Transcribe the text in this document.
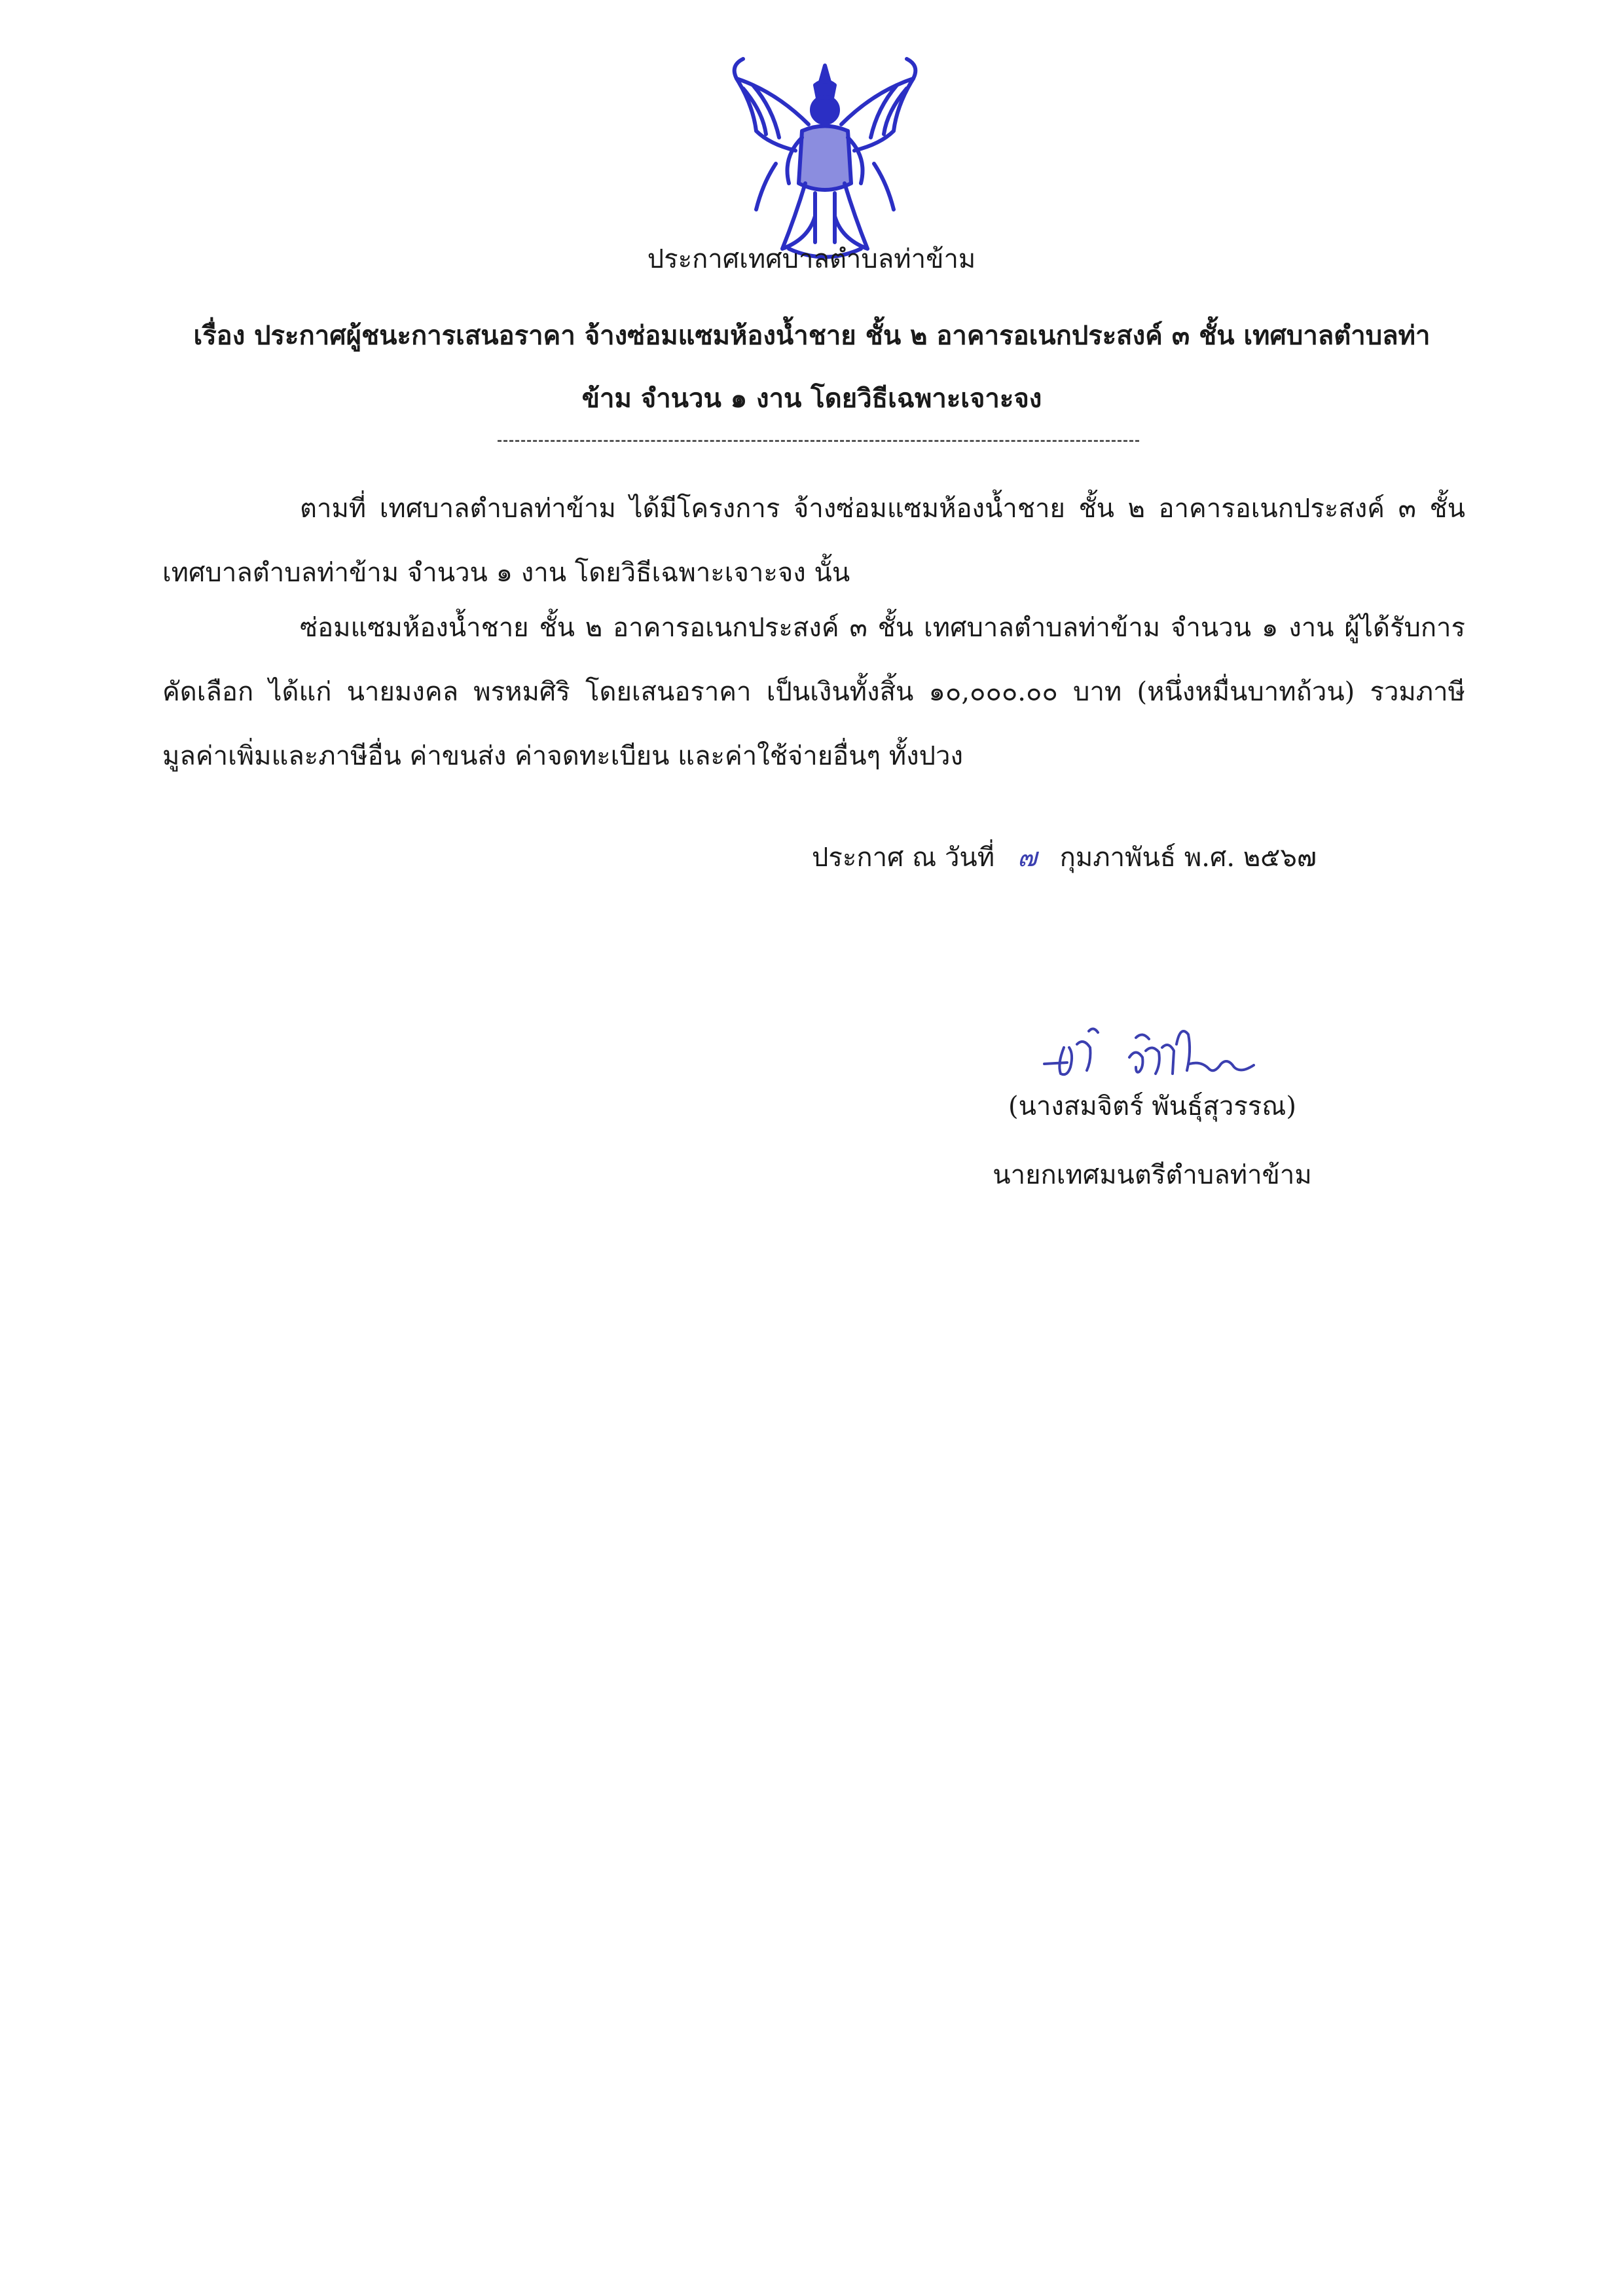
ประกาศเทศบาลตำบลท่าข้าม
เรื่อง ประกาศผู้ชนะการเสนอราคา จ้างซ่อมแซมห้องน้ำชาย ชั้น ๒ อาคารอเนกประสงค์ ๓ ชั้น เทศบาลตำบลท่า
ข้าม จำนวน ๑ งาน โดยวิธีเฉพาะเจาะจง
ตามที่ เทศบาลตำบลท่าข้าม ได้มีโครงการ จ้างซ่อมแซมห้องน้ำชาย ชั้น ๒ อาคารอเนกประสงค์ ๓ ชั้น เทศบาลตำบลท่าข้าม จำนวน ๑ งาน โดยวิธีเฉพาะเจาะจง นั้น
ซ่อมแซมห้องน้ำชาย ชั้น ๒ อาคารอเนกประสงค์ ๓ ชั้น เทศบาลตำบลท่าข้าม จำนวน ๑ งาน ผู้ได้รับการคัดเลือก ได้แก่ นายมงคล พรหมศิริ โดยเสนอราคา เป็นเงินทั้งสิ้น ๑๐,๐๐๐.๐๐ บาท (หนึ่งหมื่นบาทถ้วน) รวมภาษีมูลค่าเพิ่มและภาษีอื่น ค่าขนส่ง ค่าจดทะเบียน และค่าใช้จ่ายอื่นๆ ทั้งปวง
ประกาศ ณ วันที่ ๗ กุมภาพันธ์ พ.ศ. ๒๕๖๗
(นางสมจิตร์ พันธุ์สุวรรณ)
นายกเทศมนตรีตำบลท่าข้าม
